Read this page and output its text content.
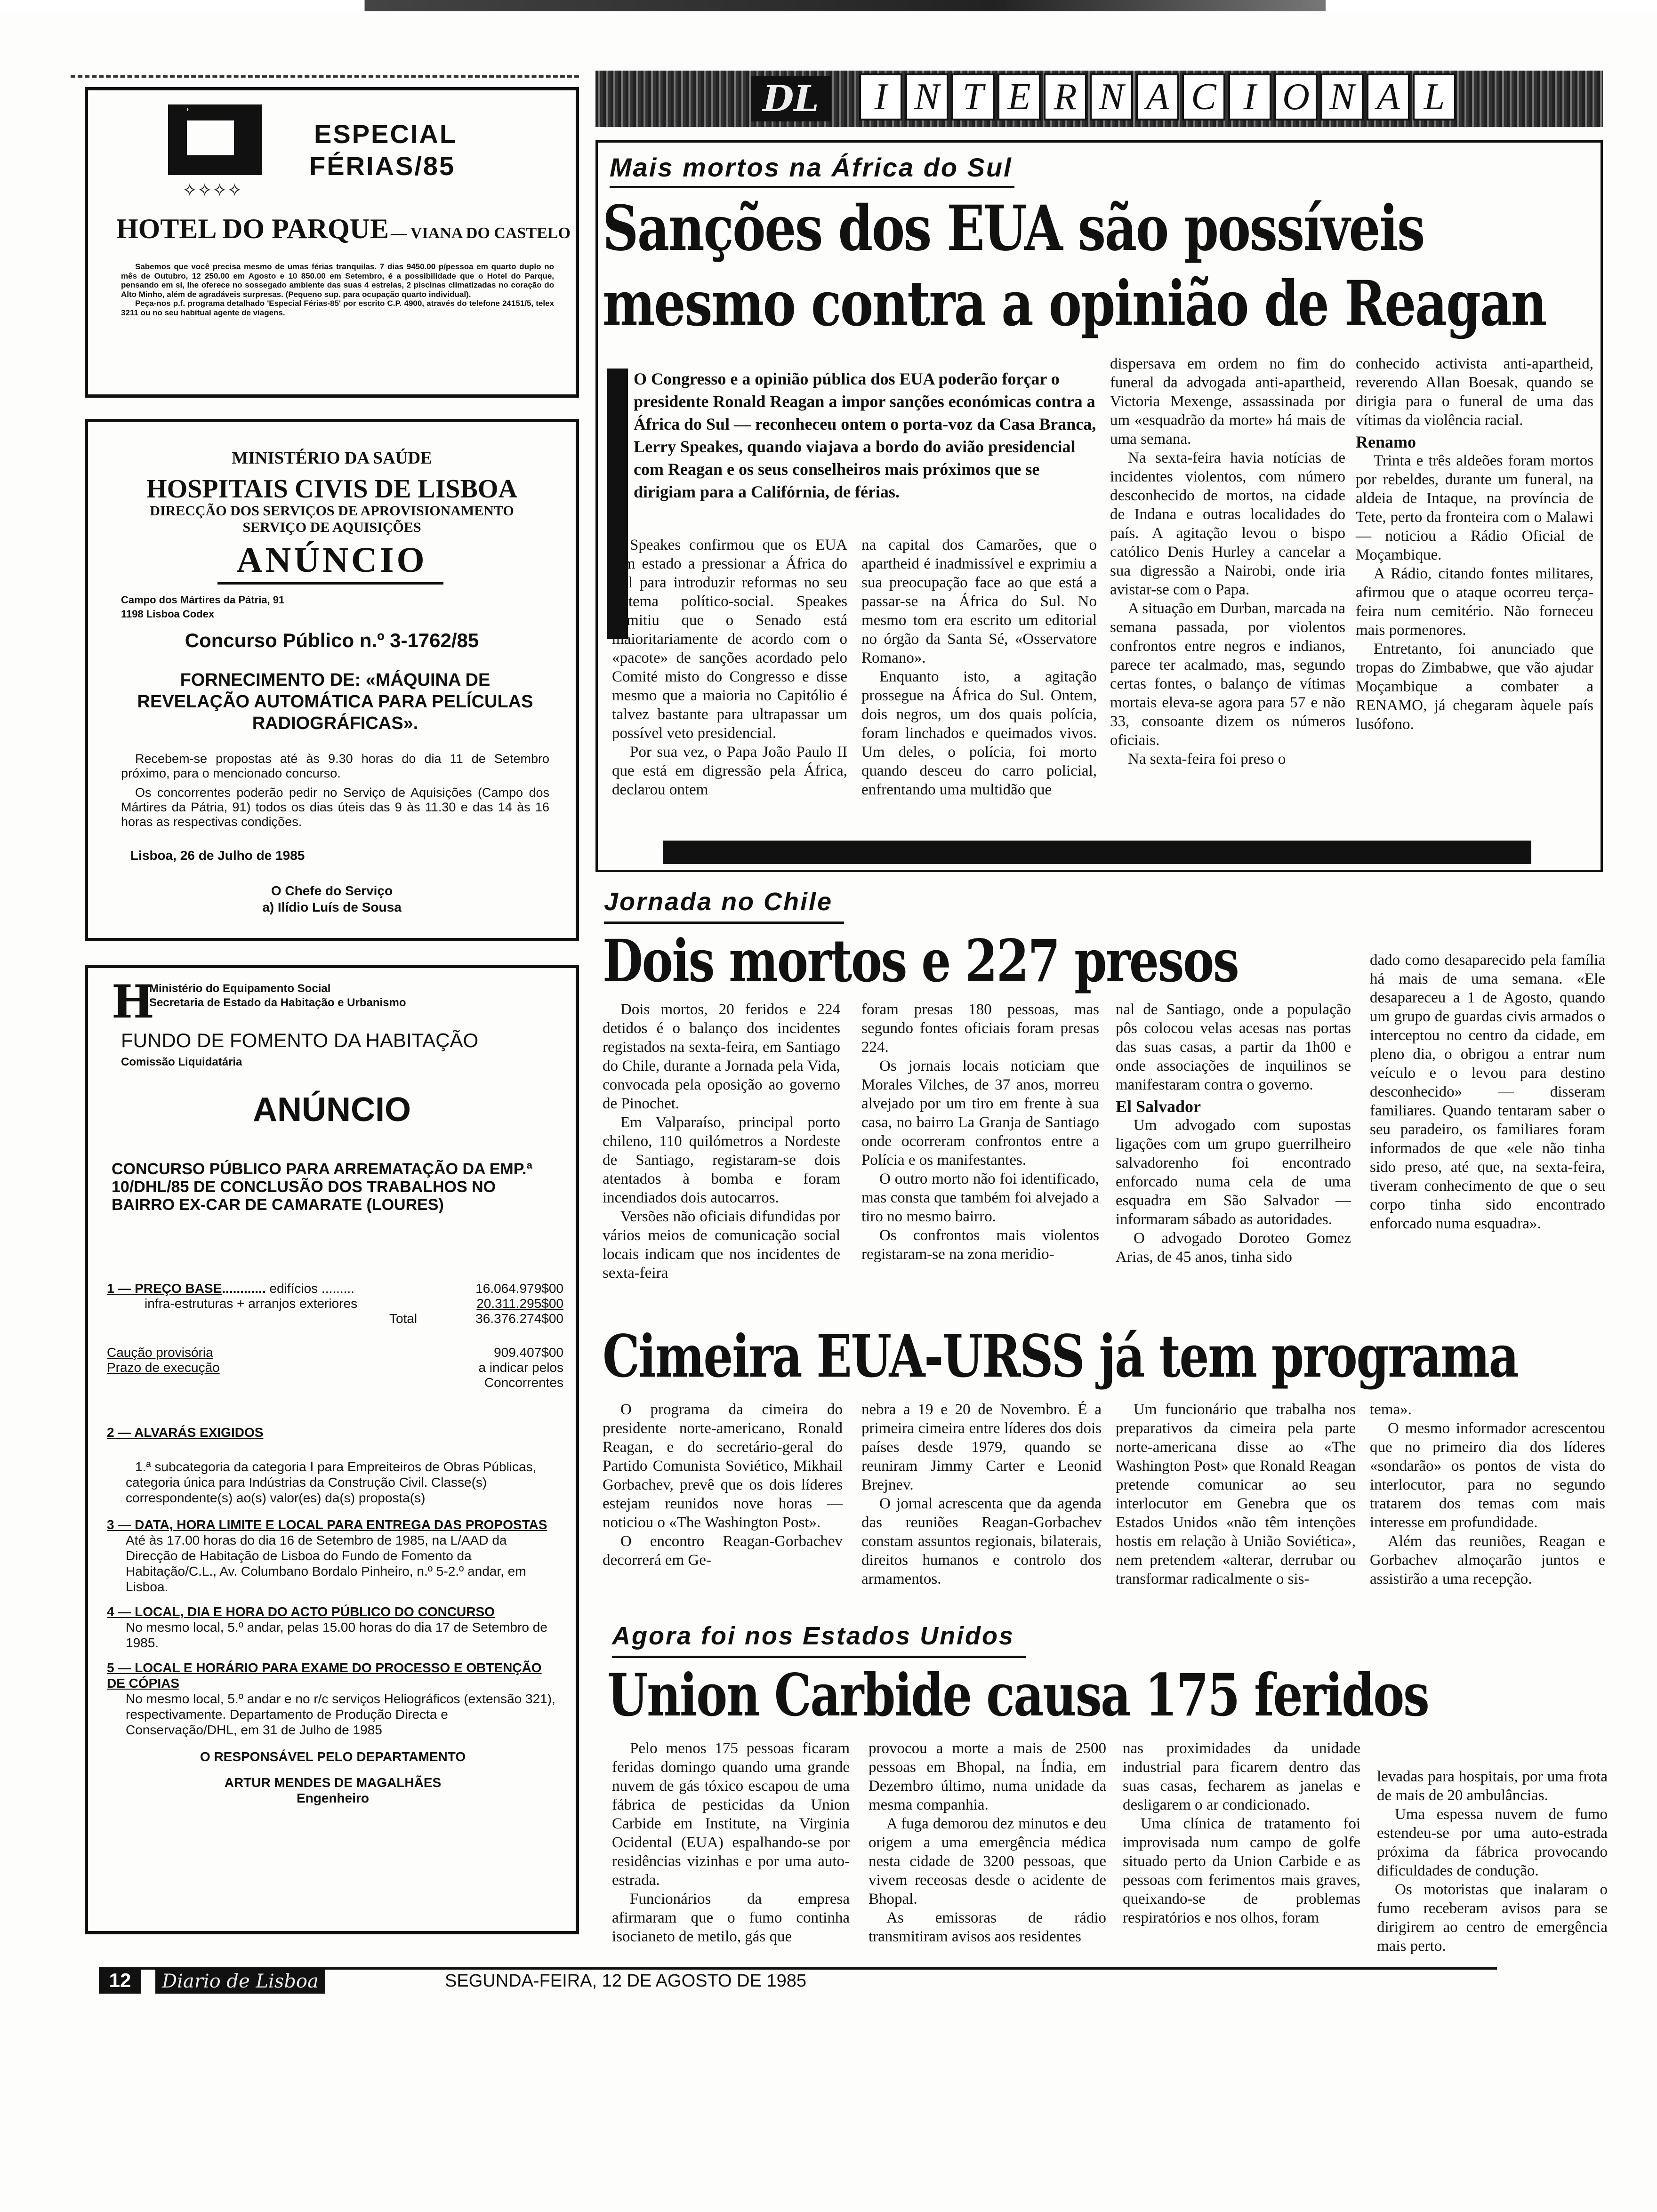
DL	I N T E R N A C I O N A L
P
ESPECIAL
FÉRIAS/85
✧✧✧✧
HOTEL DO PARQUE — VIANA DO CASTELO
Sabemos que você precisa mesmo de umas férias tranquilas. 7 dias 9450.00 p/pessoa em quarto duplo no mês de Outubro, 12 250.00 em Agosto e 10 850.00 em Setembro, é a possibilidade que o Hotel do Parque, pensando em si, lhe oferece no sossegado ambiente das suas 4 estrelas, 2 piscinas climatizadas no coração do Alto Minho, além de agradáveis surpresas. (Pequeno sup. para ocupação quarto individual).
Peça-nos p.f. programa detalhado 'Especial Férias-85' por escrito C.P. 4900, através do telefone 24151/5, telex 3211 ou no seu habitual agente de viagens.
MINISTÉRIO DA SAÚDE
HOSPITAIS CIVIS DE LISBOA
DIRECÇÃO DOS SERVIÇOS DE APROVISIONAMENTO
SERVIÇO DE AQUISIÇÕES
ANÚNCIO
Campo dos Mártires da Pátria, 91
1198 Lisboa Codex
Concurso Público n.º 3-1762/85
FORNECIMENTO DE: «MÁQUINA DE REVELAÇÃO AUTOMÁTICA PARA PELÍCULAS RADIOGRÁFICAS».
Recebem-se propostas até às 9.30 horas do dia 11 de Setembro próximo, para o mencionado concurso.
Os concorrentes poderão pedir no Serviço de Aquisições (Campo dos Mártires da Pátria, 91) todos os dias úteis das 9 às 11.30 e das 14 às 16 horas as respectivas condições.
Lisboa, 26 de Julho de 1985
O Chefe do Serviço
a) Ilídio Luís de Sousa
H
Ministério do Equipamento Social
Secretaria de Estado da Habitação e Urbanismo
FUNDO DE FOMENTO DA HABITAÇÃO
Comissão Liquidatária
ANÚNCIO
CONCURSO PÚBLICO PARA ARREMATAÇÃO DA EMP.ª 10/DHL/85 DE CONCLUSÃO DOS TRABALHOS NO BAIRRO EX-CAR DE CAMARATE (LOURES)
1 — PREÇO BASE............ edifícios .........	16.064.979$00
infra-estruturas + arranjos exteriores	20.311.295$00
Total	36.376.274$00
Caução provisória	909.407$00
Prazo de execução	a indicar pelos Concorrentes
2 — ALVARÁS EXIGIDOS
1.ª subcategoria da categoria I para Empreiteiros de Obras Públicas, categoria única para Indústrias da Construção Civil. Classe(s) correspondente(s) ao(s) valor(es) da(s) proposta(s)
3 — DATA, HORA LIMITE E LOCAL PARA ENTREGA DAS PROPOSTAS
Até às 17.00 horas do dia 16 de Setembro de 1985, na L/AAD da Direcção de Habitação de Lisboa do Fundo de Fomento da Habitação/C.L., Av. Columbano Bordalo Pinheiro, n.º 5-2.º andar, em Lisboa.
4 — LOCAL, DIA E HORA DO ACTO PÚBLICO DO CONCURSO
No mesmo local, 5.º andar, pelas 15.00 horas do dia 17 de Setembro de 1985.
5 — LOCAL E HORÁRIO PARA EXAME DO PROCESSO E OBTENÇÃO DE CÓPIAS
No mesmo local, 5.º andar e no r/c serviços Heliográficos (extensão 321), respectivamente. Departamento de Produção Directa e Conservação/DHL, em 31 de Julho de 1985
O RESPONSÁVEL PELO DEPARTAMENTO
ARTUR MENDES DE MAGALHÃES
Engenheiro
Mais mortos na África do Sul
Sanções dos EUA são possíveis
mesmo contra a opinião de Reagan
O Congresso e a opinião pública dos EUA poderão forçar o presidente Ronald Reagan a impor sanções económicas contra a África do Sul — reconheceu ontem o porta-voz da Casa Branca, Lerry Speakes, quando viajava a bordo do avião presidencial com Reagan e os seus conselheiros mais próximos que se dirigiam para a Califórnia, de férias.

Speakes confirmou que os EUA têm estado a pressionar a África do Sul para introduzir reformas no seu sistema político-social. Speakes admitiu que o Senado está maioritariamente de acordo com o «pacote» de sanções acordado pelo Comité misto do Congresso e disse mesmo que a maioria no Capitólio é talvez bastante para ultrapassar um possível veto presidencial.

Por sua vez, o Papa João Paulo II que está em digressão pela África, declarou ontem

na capital dos Camarões, que o apartheid é inadmissível e exprimiu a sua preocupação face ao que está a passar-se na África do Sul. No mesmo tom era escrito um editorial no órgão da Santa Sé, «Osservatore Romano».

Enquanto isto, a agitação prossegue na África do Sul. Ontem, dois negros, um dos quais polícia, foram linchados e queimados vivos. Um deles, o polícia, foi morto quando desceu do carro policial, enfrentando uma multidão que

dispersava em ordem no fim do funeral da advogada anti-apartheid, Victoria Mexenge, assassinada por um «esquadrão da morte» há mais de uma semana.

Na sexta-feira havia notícias de incidentes violentos, com número desconhecido de mortos, na cidade de Indana e outras localidades do país. A agitação levou o bispo católico Denis Hurley a cancelar a sua digressão a Nairobi, onde iria avistar-se com o Papa.

A situação em Durban, marcada na semana passada, por violentos confrontos entre negros e indianos, parece ter acalmado, mas, segundo certas fontes, o balanço de vítimas mortais eleva-se agora para 57 e não 33, consoante dizem os números oficiais.

Na sexta-feira foi preso o

conhecido activista anti-apartheid, reverendo Allan Boesak, quando se dirigia para o funeral de uma das vítimas da violência racial.

Renamo

Trinta e três aldeões foram mortos por rebeldes, durante um funeral, na aldeia de Intaque, na província de Tete, perto da fronteira com o Malawi — noticiou a Rádio Oficial de Moçambique.

A Rádio, citando fontes militares, afirmou que o ataque ocorreu terça-feira num cemitério. Não forneceu mais pormenores.

Entretanto, foi anunciado que tropas do Zimbabwe, que vão ajudar Moçambique a combater a RENAMO, já chegaram àquele país lusófono.

Jornada no Chile
Dois mortos e 227 presos

Dois mortos, 20 feridos e 224 detidos é o balanço dos incidentes registados na sexta-feira, em Santiago do Chile, durante a Jornada pela Vida, convocada pela oposição ao governo de Pinochet.

Em Valparaíso, principal porto chileno, 110 quilómetros a Nordeste de Santiago, registaram-se dois atentados à bomba e foram incendiados dois autocarros.

Versões não oficiais difundidas por vários meios de comunicação social locais indicam que nos incidentes de sexta-feira

foram presas 180 pessoas, mas segundo fontes oficiais foram presas 224.

Os jornais locais noticiam que Morales Vilches, de 37 anos, morreu alvejado por um tiro em frente à sua casa, no bairro La Granja de Santiago onde ocorreram confrontos entre a Polícia e os manifestantes.

O outro morto não foi identificado, mas consta que também foi alvejado a tiro no mesmo bairro.

Os confrontos mais violentos registaram-se na zona meridio-

nal de Santiago, onde a população pôs colocou velas acesas nas portas das suas casas, a partir da 1h00 e onde associações de inquilinos se manifestaram contra o governo.

El Salvador

Um advogado com supostas ligações com um grupo guerrilheiro salvadorenho foi encontrado enforcado numa cela de uma esquadra em São Salvador — informaram sábado as autoridades.

O advogado Doroteo Gomez Arias, de 45 anos, tinha sido

dado como desaparecido pela família há mais de uma semana. «Ele desapareceu a 1 de Agosto, quando um grupo de guardas civis armados o interceptou no centro da cidade, em pleno dia, o obrigou a entrar num veículo e o levou para destino desconhecido» — disseram familiares. Quando tentaram saber o seu paradeiro, os familiares foram informados de que «ele não tinha sido preso, até que, na sexta-feira, tiveram conhecimento de que o seu corpo tinha sido encontrado enforcado numa esquadra».

Cimeira EUA-URSS já tem programa

O programa da cimeira do presidente norte-americano, Ronald Reagan, e do secretário-geral do Partido Comunista Soviético, Mikhail Gorbachev, prevê que os dois líderes estejam reunidos nove horas — noticiou o «The Washington Post».

O encontro Reagan-Gorbachev decorrerá em Ge-

nebra a 19 e 20 de Novembro. É a primeira cimeira entre líderes dos dois países desde 1979, quando se reuniram Jimmy Carter e Leonid Brejnev.

O jornal acrescenta que da agenda das reuniões Reagan-Gorbachev constam assuntos regionais, bilaterais, direitos humanos e controlo dos armamentos.

Um funcionário que trabalha nos preparativos da cimeira pela parte norte-americana disse ao «The Washington Post» que Ronald Reagan pretende comunicar ao seu interlocutor em Genebra que os Estados Unidos «não têm intenções hostis em relação à União Soviética», nem pretendem «alterar, derrubar ou transformar radicalmente o sis-

tema».

O mesmo informador acrescentou que no primeiro dia dos líderes «sondarão» os pontos de vista do interlocutor, para no segundo tratarem dos temas com mais interesse em profundidade.

Além das reuniões, Reagan e Gorbachev almoçarão juntos e assistirão a uma recepção.

Agora foi nos Estados Unidos
Union Carbide causa 175 feridos

Pelo menos 175 pessoas ficaram feridas domingo quando uma grande nuvem de gás tóxico escapou de uma fábrica de pesticidas da Union Carbide em Institute, na Virginia Ocidental (EUA) espalhando-se por residências vizinhas e por uma auto-estrada.

Funcionários da empresa afirmaram que o fumo continha isocianeto de metilo, gás que

provocou a morte a mais de 2500 pessoas em Bhopal, na Índia, em Dezembro último, numa unidade da mesma companhia.

A fuga demorou dez minutos e deu origem a uma emergência médica nesta cidade de 3200 pessoas, que vivem receosas desde o acidente de Bhopal.

As emissoras de rádio transmitiram avisos aos residentes

nas proximidades da unidade industrial para ficarem dentro das suas casas, fecharem as janelas e desligarem o ar condicionado.

Uma clínica de tratamento foi improvisada num campo de golfe situado perto da Union Carbide e as pessoas com ferimentos mais graves, queixando-se de problemas respiratórios e nos olhos, foram

levadas para hospitais, por uma frota de mais de 20 ambulâncias.

Uma espessa nuvem de fumo estendeu-se por uma auto-estrada próxima da fábrica provocando dificuldades de condução.

Os motoristas que inalaram o fumo receberam avisos para se dirigirem ao centro de emergência mais perto.

12	Diario de Lisboa	SEGUNDA-FEIRA, 12 DE AGOSTO DE 1985
